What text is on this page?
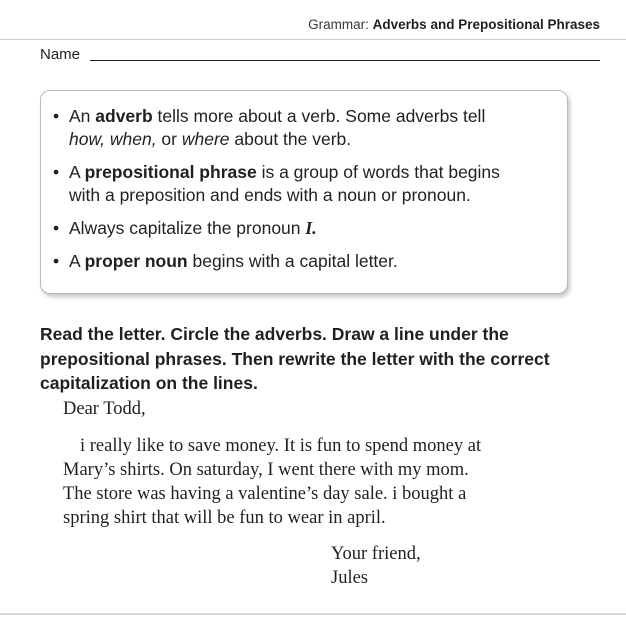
Grammar: Adverbs and Prepositional Phrases
Name
• An adverb tells more about a verb. Some adverbs tell
how, when, or where about the verb.
• A prepositional phrase is a group of words that begins
with a preposition and ends with a noun or pronoun.
• Always capitalize the pronoun I.
• A proper noun begins with a capital letter.
Read the letter. Circle the adverbs. Draw a line under the
prepositional phrases. Then rewrite the letter with the correct
capitalization on the lines.
Dear Todd,
i really like to save money. It is fun to spend money at
Mary’s shirts. On saturday, I went there with my mom.
The store was having a valentine’s day sale. i bought a
spring shirt that will be fun to wear in april.
Your friend,
Jules
